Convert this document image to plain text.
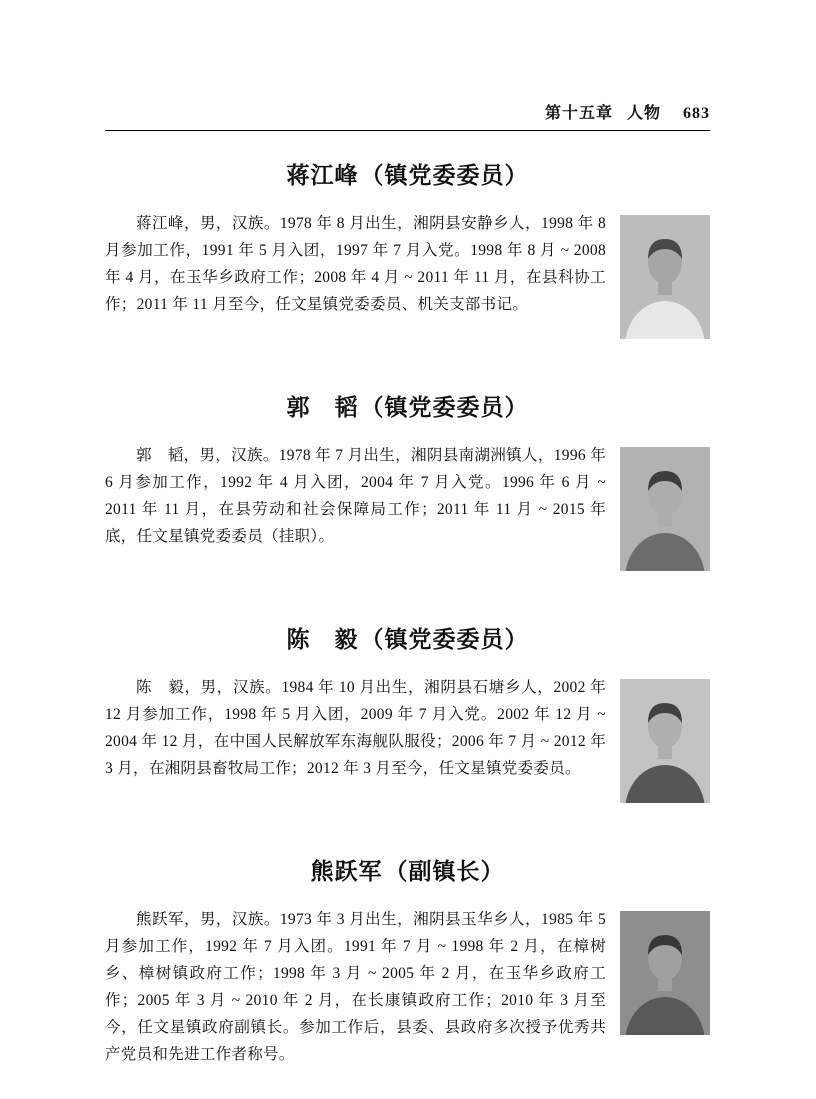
第十五章 人物 683
蒋江峰（镇党委委员）

蒋江峰，男，汉族。1978 年 8 月出生，湘阴县安静乡人，1998 年 8 月参加工作，1991 年 5 月入团，1997 年 7 月入党。1998 年 8 月 ~ 2008 年 4 月，在玉华乡政府工作；2008 年 4 月 ~ 2011 年 11 月，在县科协工作；2011 年 11 月至今，任文星镇党委委员、机关支部书记。

郭　韬（镇党委委员）

郭　韬，男，汉族。1978 年 7 月出生，湘阴县南湖洲镇人，1996 年 6 月参加工作，1992 年 4 月入团，2004 年 7 月入党。1996 年 6 月 ~ 2011 年 11 月，在县劳动和社会保障局工作；2011 年 11 月 ~ 2015 年底，任文星镇党委委员（挂职）。

陈　毅（镇党委委员）

陈　毅，男，汉族。1984 年 10 月出生，湘阴县石塘乡人，2002 年 12 月参加工作，1998 年 5 月入团，2009 年 7 月入党。2002 年 12 月 ~ 2004 年 12 月，在中国人民解放军东海舰队服役；2006 年 7 月 ~ 2012 年 3 月，在湘阴县畜牧局工作；2012 年 3 月至今，任文星镇党委委员。

熊跃军（副镇长）

熊跃军，男，汉族。1973 年 3 月出生，湘阴县玉华乡人，1985 年 5 月参加工作，1992 年 7 月入团。1991 年 7 月 ~ 1998 年 2 月，在樟树乡、樟树镇政府工作；1998 年 3 月 ~ 2005 年 2 月，在玉华乡政府工作；2005 年 3 月 ~ 2010 年 2 月，在长康镇政府工作；2010 年 3 月至今，任文星镇政府副镇长。参加工作后，县委、县政府多次授予优秀共产党员和先进工作者称号。
